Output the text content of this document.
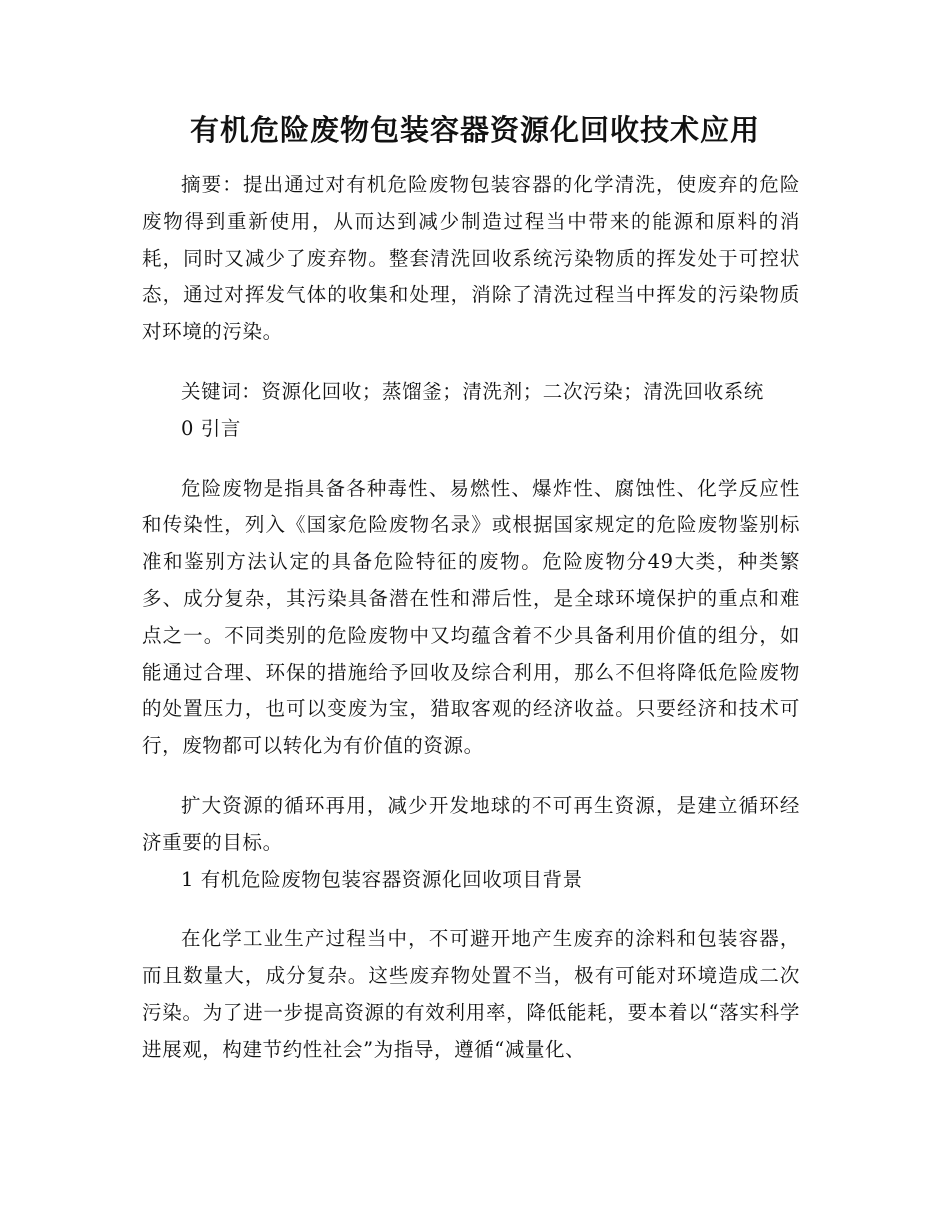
有机危险废物包装容器资源化回收技术应用

摘要：提出通过对有机危险废物包装容器的化学清洗，使废弃的危险废物得到重新使用，从而达到减少制造过程当中带来的能源和原料的消耗，同时又减少了废弃物。整套清洗回收系统污染物质的挥发处于可控状态，通过对挥发气体的收集和处理，消除了清洗过程当中挥发的污染物质对环境的污染。

关键词：资源化回收；蒸馏釜；清洗剂；二次污染；清洗回收系统

0 引言

危险废物是指具备各种毒性、易燃性、爆炸性、腐蚀性、化学反应性和传染性，列入《国家危险废物名录》或根据国家规定的危险废物鉴别标准和鉴别方法认定的具备危险特征的废物。危险废物分49大类，种类繁多、成分复杂，其污染具备潜在性和滞后性，是全球环境保护的重点和难点之一。不同类别的危险废物中又均蕴含着不少具备利用价值的组分，如能通过合理、环保的措施给予回收及综合利用，那么不但将降低危险废物的处置压力，也可以变废为宝，猎取客观的经济收益。只要经济和技术可行，废物都可以转化为有价值的资源。

扩大资源的循环再用，减少开发地球的不可再生资源，是建立循环经济重要的目标。

1 有机危险废物包装容器资源化回收项目背景

在化学工业生产过程当中，不可避开地产生废弃的涂料和包装容器，而且数量大，成分复杂。这些废弃物处置不当，极有可能对环境造成二次污染。为了进一步提高资源的有效利用率，降低能耗，要本着以“落实科学进展观，构建节约性社会”为指导，遵循“减量化、
